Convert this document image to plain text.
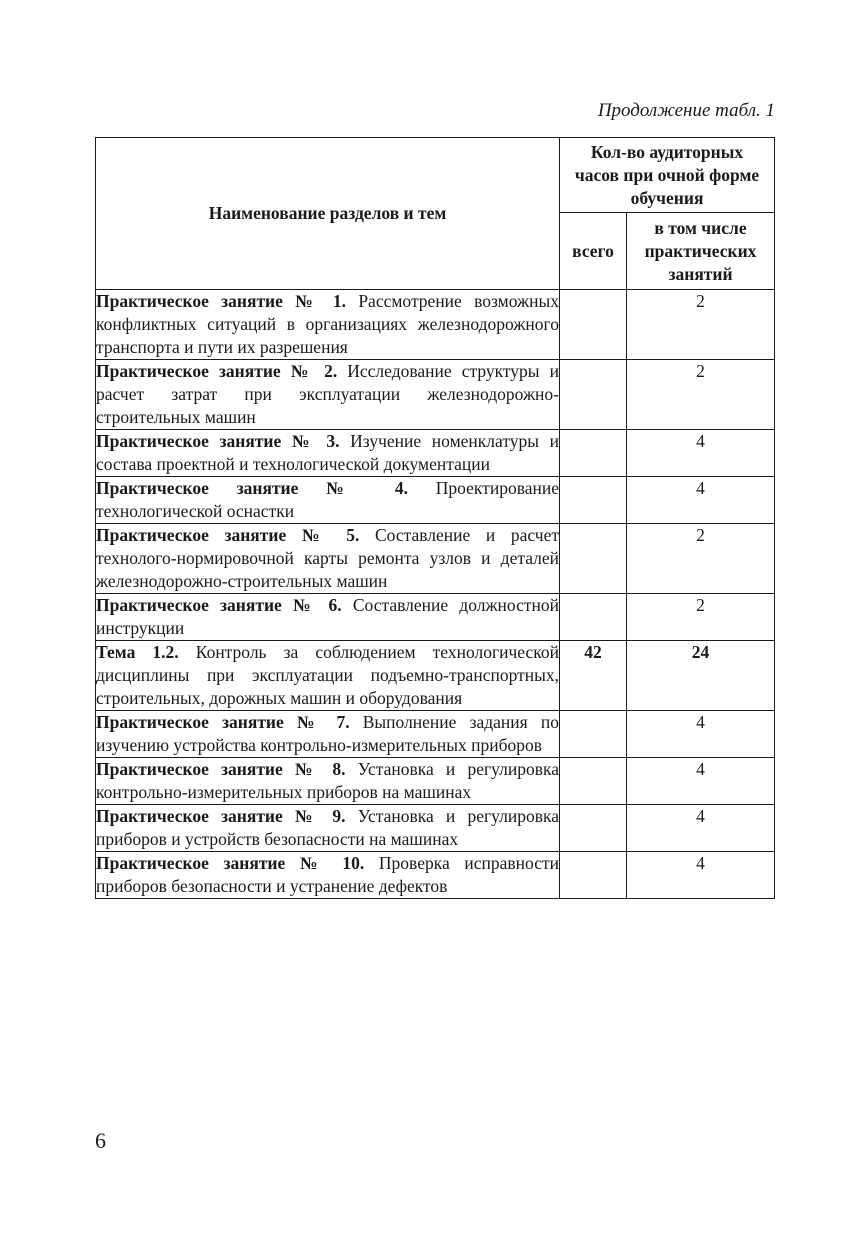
Продолжение табл. 1
Наименование разделов и тем	Кол-во аудиторных часов при очной форме обучения	

	всего	в том числе практических занятий

Практическое занятие № 1. Рассмотрение возможных конфликтных ситуаций в организациях железнодорожного транспорта и пути их разрешения		2
Практическое занятие № 2. Исследование структуры и расчет затрат при эксплуатации железнодорожно-строительных машин		2
Практическое занятие № 3. Изучение номенклатуры и состава проектной и технологической документации		4
Практическое занятие № 4. Проектирование технологической оснастки		4
Практическое занятие № 5. Составление и расчет технолого-нормировочной карты ремонта узлов и деталей железнодорожно-строительных машин		2
Практическое занятие № 6. Составление должностной инструкции		2
Тема 1.2. Контроль за соблюдением технологической дисциплины при эксплуатации подъемно-транспортных, строительных, дорожных машин и оборудования	42	24
Практическое занятие № 7. Выполнение задания по изучению устройства контрольно-измерительных приборов		4
Практическое занятие № 8. Установка и регулировка контрольно-измерительных приборов на машинах		4
Практическое занятие № 9. Установка и регулировка приборов и устройств безопасности на машинах		4
Практическое занятие № 10. Проверка исправности приборов безопасности и устранение дефектов		4
6
